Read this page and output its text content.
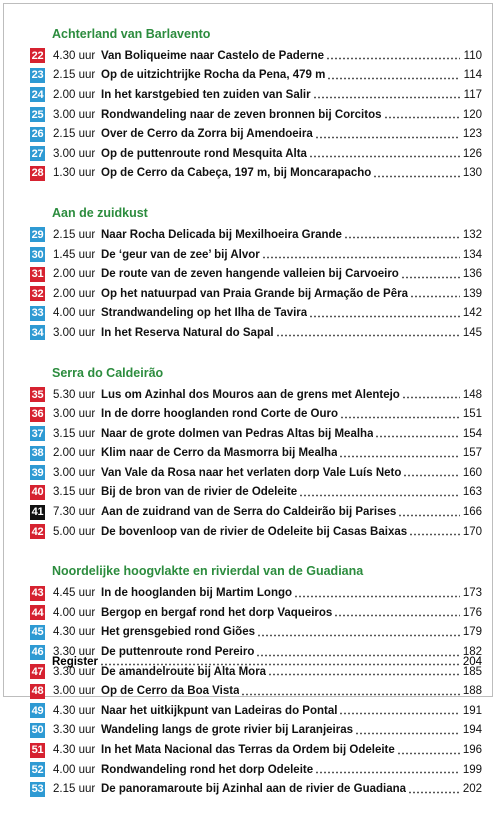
Achterland van Barlavento
22 4.30 uur Van Boliqueime naar Castelo de Paderne	110
23 2.15 uur Op de uitzichtrijke Rocha da Pena, 479 m	114
24 2.00 uur In het karstgebied ten zuiden van Salir	117
25 3.00 uur Rondwandeling naar de zeven bronnen bij Corcitos	120
26 2.15 uur Over de Cerro da Zorra bij Amendoeira	123
27 3.00 uur Op de puttenroute rond Mesquita Alta	126
28 1.30 uur Op de Cerro da Cabeça, 197 m, bij Moncarapacho	130
Aan de zuidkust
29 2.15 uur Naar Rocha Delicada bij Mexilhoeira Grande	132
30 1.45 uur De ‘geur van de zee’ bij Alvor	134
31 2.00 uur De route van de zeven hangende valleien bij Carvoeiro	136
32 2.00 uur Op het natuurpad van Praia Grande bij Armação de Pêra	139
33 4.00 uur Strandwandeling op het Ilha de Tavira	142
34 3.00 uur In het Reserva Natural do Sapal	145
Serra do Caldeirão
35 5.30 uur Lus om Azinhal dos Mouros aan de grens met Alentejo	148
36 3.00 uur In de dorre hooglanden rond Corte de Ouro	151
37 3.15 uur Naar de grote dolmen van Pedras Altas bij Mealha	154
38 2.00 uur Klim naar de Cerro da Masmorra bij Mealha	157
39 3.00 uur Van Vale da Rosa naar het verlaten dorp Vale Luís Neto	160
40 3.15 uur Bij de bron van de rivier de Odeleite	163
41 7.30 uur Aan de zuidrand van de Serra do Caldeirão bij Parises	166
42 5.00 uur De bovenloop van de rivier de Odeleite bij Casas Baixas	170
Noordelijke hoogvlakte en rivierdal van de Guadiana
43 4.45 uur In de hooglanden bij Martim Longo	173
44 4.00 uur Bergop en bergaf rond het dorp Vaqueiros	176
45 4.30 uur Het grensgebied rond Giões	179
46 3.30 uur De puttenroute rond Pereiro	182
47 3.30 uur De amandelroute bij Alta Mora	185
48 3.00 uur Op de Cerro da Boa Vista	188
49 4.30 uur Naar het uitkijkpunt van Ladeiras do Pontal	191
50 3.30 uur Wandeling langs de grote rivier bij Laranjeiras	194
51 4.30 uur In het Mata Nacional das Terras da Ordem bij Odeleite	196
52 4.00 uur Rondwandeling rond het dorp Odeleite	199
53 2.15 uur De panoramaroute bij Azinhal aan de rivier de Guadiana	202
Register	204
